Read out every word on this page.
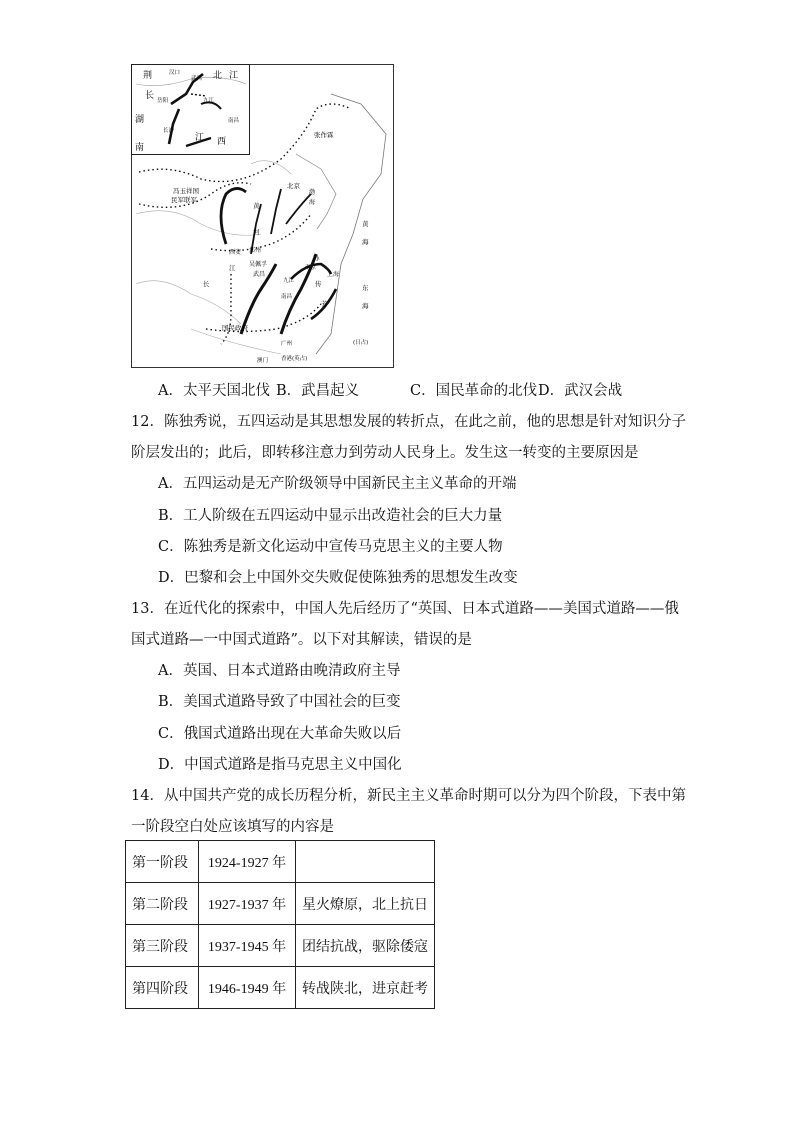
荆
长
湖
南
江
北
西
江
汉口
武昌
岳阳	九江
南昌
长沙	张作霖
北京
渤
海
冯玉祥国
民军联军
黄
河
西安 郑州
吴佩孚
武昌
江
长
南京
上海
南昌
九江
黄
海
东
海
孙
传
芳
国民政府
广州
澳门 香港(英占)
(日占)
A．太平天国北伐 B．武昌起义	C．国民革命的北伐 D．武汉会战
12．陈独秀说，五四运动是其思想发展的转折点，在此之前，他的思想是针对知识分子
阶层发出的；此后，即转移注意力到劳动人民身上。发生这一转变的主要原因是
A．五四运动是无产阶级领导中国新民主主义革命的开端
B．工人阶级在五四运动中显示出改造社会的巨大力量
C．陈独秀是新文化运动中宣传马克思主义的主要人物
D．巴黎和会上中国外交失败促使陈独秀的思想发生改变
13．在近代化的探索中，中国人先后经历了“英国、日本式道路——美国式道路——俄
国式道路—一中国式道路”。以下对其解读，错误的是
A．英国、日本式道路由晚清政府主导
B．美国式道路导致了中国社会的巨变
C．俄国式道路出现在大革命失败以后
D．中国式道路是指马克思主义中国化
14．从中国共产党的成长历程分析，新民主主义革命时期可以分为四个阶段，下表中第
一阶段空白处应该填写的内容是
第一阶段	1924-1927 年	
第二阶段	1927-1937 年	星火燎原，北上抗日
第三阶段	1937-1945 年	团结抗战，驱除倭寇
第四阶段	1946-1949 年	转战陕北，进京赶考
